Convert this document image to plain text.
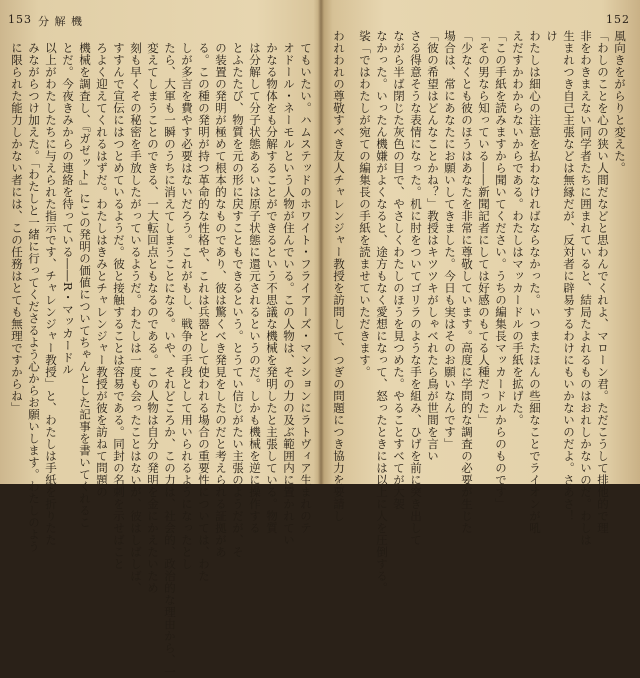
153 分 解 機

てもいたい。ハムステッドのホワイト・フライアーズ・マンションにラトヴィア生まれのテ

オドール・ネーモルという人物が住んでいる。この人物は、その力の及ぶ範囲内に置かれてい

かなる物体をも分解することができるという不思議な機械を発明したと主張している。物質

は分解して分子状態あるいは原子状態に還元されるというのだ。しかも機械を逆に操作する

とふたたび、物質を元の形に戻すこともできるという。とうてい信じがたい主張のようだが、そ

の装置の発明が極めて根本的なものであり、彼は驚くべき発見をしたのだと考えられる証拠があ

る。この種の発明が持つ革命的な性格や、これは兵器として使われる場合の重要性については、わた

しが多言を費やす必要はないだろう。これがもし、戦争の手段として用いられるようになったとし

たら、大軍も一瞬のうちに消えてしまうことになる。いや、それどころか、この力は、社会的、政治的な理由から、一

変えてしまうことのできる、一大転回点ともなるのである。この人物は自分の発明を金にかえたいため

刻も早くその秘密を手放したがっているようだ。わたしは一度も会ったことはないが、彼はしばしば、

すすんで宣伝にはつとめているようだ。彼と接触することは容易である。同封の名刺を示せばこと

ろよく迎えてくれるはずだ。わたしはきみとチャレンジャー教授が彼を訪ねて問題の

機械を調査し、『ガゼット』にこの発明の価値についてちゃんとした記事を書いてくれるこ

とだ。今夜きみからの連絡を待っている――R・マッカードル

以上がわたしたちに与えられた指示です、チャレンジャー教授」と、わたしは手紙を折りたた

みながらつけ加えた。「わたしと一緒に行ってくださるよう心からお願いします。わたしのよう

に限られた能力しかない者には、この任務はとても無理ですからね」

152

風向きをがらりと変えた。

「わしのことを心の狭い人間だなどと思わんでくれよ、マローン君。ただこうして排他的で理

非をわきまえない同学者たちに囲まれていると、結局たよれるものはおれしかないのだ。わしは

生まれつき自己主張などは無縁だが、反対者に辟易するわけにもいかないのだよ。さあさ！

け

わたしは細心の注意を払わなければならなかった。いつまたほんの些細なことでライオンが吼

えだすかわからないからである。わたしはマッカードルの手紙を拡げた。

「この手紙を読みますから聞いてください。うちの編集長マッカードルからのものです」

「その男なら知っている――新聞記者にしては好感のもてる人種だった」

「少なくとも彼のほうはあなたを非常に尊敬しています。高度に学問的な調査の必要が生じた

場合は、常にあなたにお願いしてきました。今日も実はそのお願いなんです」

「彼の希望はどんなことかね？」教授はキツツキがしゃべれたら鳥が世間を言い

さる得意そうな表情になった。机に肘をついてゴリラのような手を組み、ひげを前に突き出して

ながら半ば閉じた灰色の目で、やさしくわたしのほうを見つめた。やることすべてが大袈

なかった。いったん機嫌がよくなると、途方もなく愛想になって、怒ったときには以上に人を圧倒する。

裟「ではわたしが宛ての編集長の手紙を読ませていただきます。

われわれの尊敬すべき友人チャレンジャー教授を訪問して、つぎの問題につき協力を要請し
